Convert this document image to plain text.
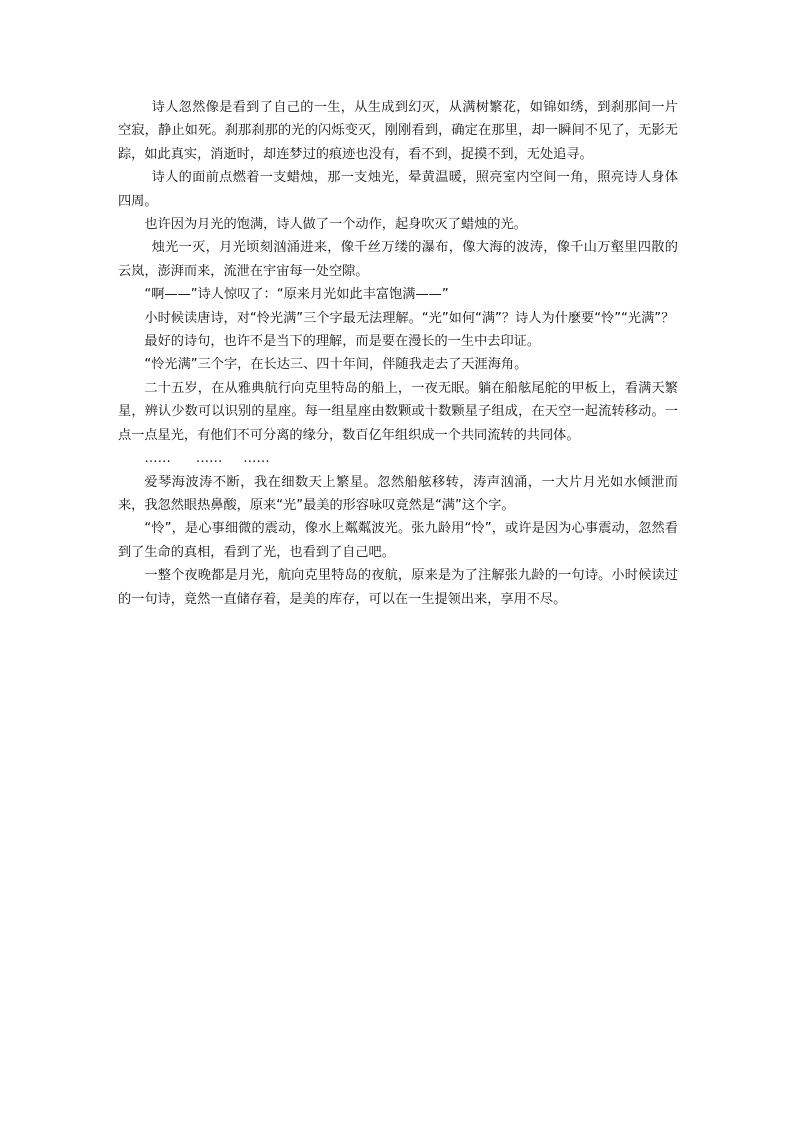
诗人忽然像是看到了自己的一生，从生成到幻灭，从满树繁花，如锦如绣，到刹那间一片空寂，静止如死。刹那刹那的光的闪烁变灭，刚刚看到，确定在那里，却一瞬间不见了，无影无踪，如此真实，消逝时，却连梦过的痕迹也没有，看不到，捉摸不到，无处追寻。

诗人的面前点燃着一支蜡烛，那一支烛光，晕黄温暖，照亮室内空间一角，照亮诗人身体四周。

也许因为月光的饱满，诗人做了一个动作，起身吹灭了蜡烛的光。

烛光一灭，月光顷刻汹涌进来，像千丝万缕的瀑布，像大海的波涛，像千山万壑里四散的云岚，澎湃而来，流泄在宇宙每一处空隙。

“啊——”诗人惊叹了：“原来月光如此丰富饱满——”

小时候读唐诗，对“怜光满”三个字最无法理解。“光”如何“满”？诗人为什麼要“怜”“光满”？

最好的诗句，也许不是当下的理解，而是要在漫长的一生中去印证。

“怜光满”三个字，在长达三、四十年间，伴随我走去了天涯海角。

二十五岁，在从雅典航行向克里特岛的船上，一夜无眠。躺在船舷尾舵的甲板上，看满天繁星，辨认少数可以识别的星座。每一组星座由数颗或十数颗星子组成，在天空一起流转移动。一点一点星光，有他们不可分离的缘分，数百亿年组织成一个共同流转的共同体。

……      ……     ……

爱琴海波涛不断，我在细数天上繁星。忽然船舷移转，涛声汹涌，一大片月光如水倾泄而来，我忽然眼热鼻酸，原来“光”最美的形容咏叹竟然是“满”这个字。

“怜”，是心事细微的震动，像水上粼粼波光。张九龄用“怜”，或许是因为心事震动，忽然看到了生命的真相，看到了光，也看到了自己吧。

一整个夜晚都是月光，航向克里特岛的夜航，原来是为了注解张九龄的一句诗。小时候读过的一句诗，竟然一直储存着，是美的库存，可以在一生提领出来，享用不尽。
